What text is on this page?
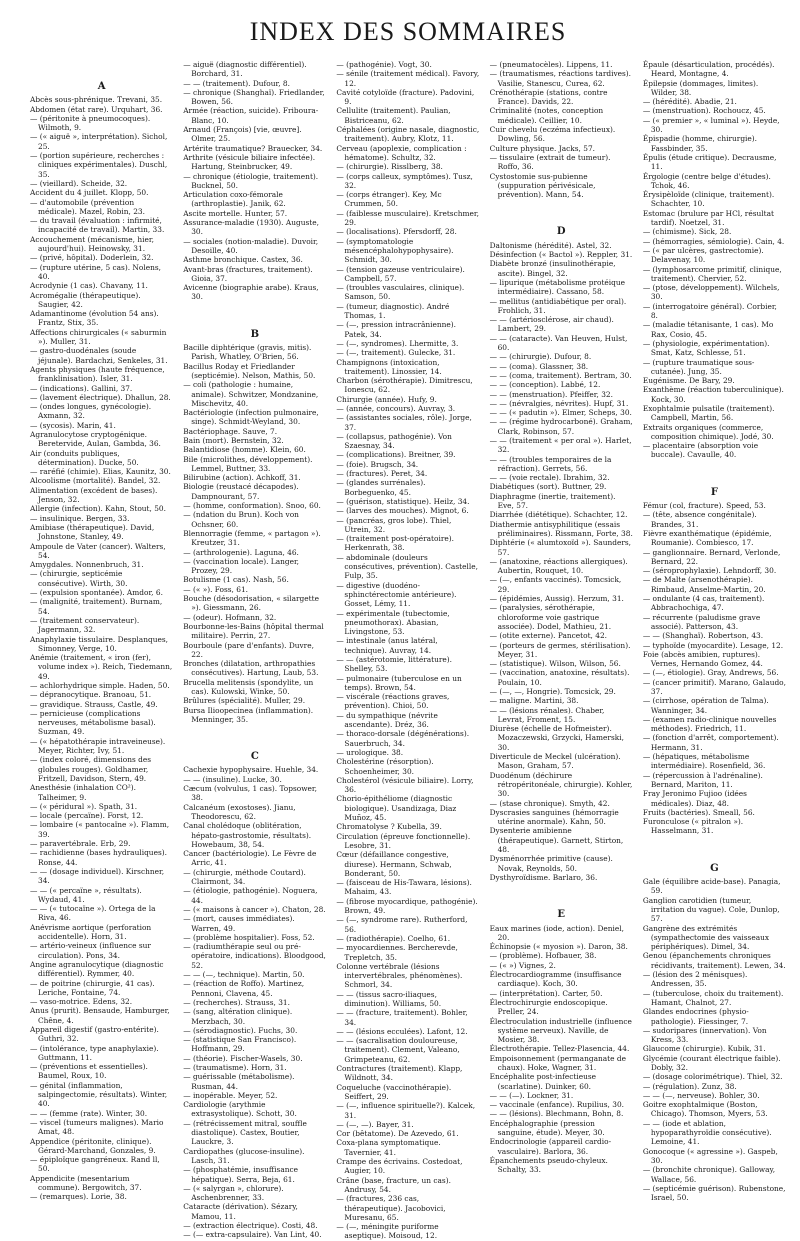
INDEX DES SOMMAIRES
A
Abcès sous-phrénique. Trevani, 35.
Abdomen (état rare). Urquhart, 36.
— (péritonite à pneumocoques). Wilmoth, 9.
— (« aiguë », interprétation). Sichol, 25.
— (portion supérieure, recherches : cliniques expérimentales). Duschl, 35.
— (vieillard). Scheide, 32.
Accident du 4 juillet. Klopp, 50.
— d'automobile (prévention médicale). Mazel, Robin, 23.
— du travail (évaluation : infirmité, incapacité de travail). Martin, 33.
Accouchement (mécanisme, hier, aujourd'hui). Heinowsky, 31.
— (privé, hôpital). Doderlein, 32.
— (rupture utérine, 5 cas). Nolens, 40.
Acrodynie (1 cas). Chavany, 11.
Acromégalie (thérapeutique). Saugier, 42.
Adamantinome (évolution 54 ans). Frantz, Stix, 35.
Affections chirurgicales (« saburmin »). Muller, 31.
— gastro-duodénales (soude jéjunale). Bardachzi, Senkeles, 31.
Agents physiques (haute fréquence, franklinisation). Isler, 31.
— (indications). Gallini, 37.
— (lavement électrique). Dhallun, 28.
— (ondes longues, gynécologie). Axmann, 32.
— (sycosis). Marin, 41.
Agranulocytose cryptogénique. Beretervide, Aulan, Gambda, 36.
Air (conduits publiques, détermination). Ducke, 50.
— raréfié (chimie). Elias, Kaunitz, 30.
Alcoolisme (mortalité). Bandel, 32.
Alimentation (excédent de bases). Jenson, 32.
Allergie (infection). Kahn, Stout, 50.
— insulinique. Bergen, 33.
Amibiase (thérapeutique). David, Johnstone, Stanley, 49.
Ampoule de Vater (cancer). Walters, 54.
Amygdales. Nonnenbruch, 31.
— (chirurgie, septicémie consécutive). Wirth, 30.
— (expulsion spontanée). Amdor, 6.
— (malignité, traitement). Burnam, 54.
— (traitement conservateur). Jagermann, 32.
Anaphylaxie tissulaire. Desplanques, Simonney, Verge, 10.
Anémie (traitement, « iron (fer), volume index »). Reich, Tiedemann, 49.
— achlorhydrique simple. Haden, 50.
— dépranocytique. Branoau, 51.
— gravidique. Strauss, Castle, 49.
— pernicieuse (complications nerveuses, métabolisme basal). Suzman, 49.
— (« hépatothérapie intraveineuse). Meyer, Richter, Ivy, 51.
— (index coloré, dimensions des globules rouges). Goldhamer, Fritzell, Davidson, Stern, 49.
Anesthésie (inhalation CO²). Talheimer, 9.
— (« péridural »). Spath, 31.
— locale (percaïne). Forst, 12.
— lombaire (« pantocaïne »). Flamm, 39.
— paravertébrale. Erb, 29.
— rachidienne (bases hydrauliques). Ronse, 44.
— — (dosage individuel). Kirschner, 34.
— — (« percaïne », résultats). Wydaud, 41.
— — (« tutocaïne »). Ortega de la Riva, 46.
Anévrisme aortique (perforation accidentelle). Horn, 31.
— artério-veineux (influence sur circulation). Pons, 34.
Angine agranulocytique (diagnostic différentiel). Rymmer, 40.
— de poitrine (chirurgie, 41 cas). Leriche, Fontaine, 74.
— vaso-motrice. Edens, 32.
Anus (prurit). Bensaude, Hamburger, Chêne, 4.
Appareil digestif (gastro-entérite). Guthri, 32.
— (intolérance, type anaphylaxie). Guttmann, 11.
— (préventions et essentielles). Baumel, Roux, 10.
— génital (inflammation, salpingectomie, résultats). Winter, 40.
— — (femme (rate). Winter, 30.
— viscel (tumeurs malignes). Mario Amat, 48.
Appendice (péritonite, clinique). Gérard-Marchand, Gonzales, 9.
— épiploïque gangréneux. Rand ll, 50.
Appendicite (mesentarium commune). Bergowitch, 37.
— (remarques). Lorie, 38.
— aiguë (diagnostic différentiel). Borchard, 31.
— — (traitement). Dufour, 8.
— chronique (Shanghaï). Friedlander, Bowen, 56.
Armée (réaction, suicide). Friboura-Blanc, 10.
Arnaud (François) [vie, œuvre]. Olmer, 25.
Artérite traumatique? Brauecker, 34.
Arthrite (vésicule biliaire infectée). Hartung, Steinbrucker, 49.
— chronique (étiologie, traitement). Bucknel, 50.
Articulation coxo-fémorale (arthroplastie). Janik, 62.
Ascite mortelle. Hunter, 57.
Assurance-maladie (1930). Auguste, 30.
— sociales (notion-maladie). Duvoir, Desoille, 40.
Asthme bronchique. Castex, 36.
Avant-bras (fractures, traitement). Gioia, 37.
Avicenne (biographie arabe). Kraus, 30.
B
Bacille diphtérique (gravis, mitis). Parish, Whatley, O'Brien, 56.
Bacillus Roday et Friedlander (septicémie). Nelson, Mathis, 50.
— coli (pathologie : humaine, animale). Schwitzer, Mondzanine, Mischevitz, 40.
Bactériologie (infection pulmonaire, singe). Schmidt-Weyland, 30.
Bactériophage. Sauve, 7.
Bain (mort). Bernstein, 32.
Balantidiose (homme). Klein, 60.
Bile (microlithes, développement). Lemmel, Buttner, 33.
Bilirubine (action). Achkoff, 31.
Biologie (reustacé décapodes). Dampnourant, 57.
— (homme, conformation). Snoo, 60.
— (ndation du Brun). Koch von Ochsner, 60.
Blennorragie (femme, « partagon »). Kreutzer, 31.
— (arthrologenie). Laguna, 46.
— (vaccination locale). Langer, Prozey, 29.
Botulisme (1 cas). Nash, 56.
— (« »). Foss, 61.
Bouche (désodorisation, « silargette »). Giessmann, 26.
— (odeur). Hofmann, 32.
Bourbonne-les-Bains (hôpital thermal militaire). Perrin, 27.
Bourboule (pare d'enfants). Duvre, 22.
Bronches (dilatation, arthropathies consécutives). Hartung, Laub, 53.
Brucella melitensis (spondylite, un cas). Kulowski, Winke, 50.
Brûlures (spécialité). Muller, 29.
Bursa Ilioopecinea (inflammation). Menninger, 35.
C
Cachexie hypophysaire. Huehle, 34.
— — (insuline). Lucke, 30.
Cæcum (volvulus, 1 cas). Topsower, 38.
Calcanéum (exostoses). Jianu, Theodorescu, 62.
Canal cholédoque (oblitération, hépato-gastrostomie, résultats). Howebaum, 38, 54.
Cancer (bactériologie). Le Fèvre de Arric, 41.
— (chirurgie, méthode Coutard). Clairmont, 34.
— (étiologie, pathogénie). Noguera, 44.
— (« maisons à cancer »). Chaton, 28.
— (mort, causes immédiates). Warren, 49.
— (problème hospitalier). Foss, 52.
— (radiumthérapie seul ou pré-opératoire, indications). Bloodgood, 52.
— — (—, technique). Martin, 50.
— (réaction de Roffo). Martinez, Pennoni, Clavena, 45.
— (recherches). Strauss, 31.
— (sang, altération clinique). Merzbach, 30.
— (sérodiagnostic). Fuchs, 30.
— (statistique San Francisco). Hoffmann, 29.
— (théorie). Fischer-Wasels, 30.
— (traumatisme). Horn, 31.
— guérissable (métabolisme). Rusman, 44.
— inopérable. Meyer, 52.
Cardiologie (arythmie extrasystolique). Schott, 30.
— (rétrécissement mitral, souffle diastolique). Castex, Boutier, Lauckre, 3.
Cardiopathes (glucose-insuline). Lasch, 31.
— (phosphatémie, insuffisance hépatique). Serra, Beja, 61.
— (« salyrgan », chlorure). Aschenbrenner, 33.
Cataracte (dérivation). Sézary, Mamou, 11.
— (extraction électrique). Costi, 48.
— (— extra-capsulaire). Van Lint, 40.
— (pathogénie). Vogt, 30.
— sénile (traitement médical). Favory, 12.
Cavité cotyloïde (fracture). Padovini, 9.
Cellulite (traitement). Paulian, Bistriceanu, 62.
Céphalées (origine nasale, diagnostic, traitement). Aubry, Klotz, 11.
Cerveau (apoplexie, complication : hématome). Schultz, 32.
— (chirurgie). Risslberg, 38.
— (corps calleux, symptômes). Tusz, 32.
— (corps étranger). Key, Mc Crummen, 50.
— (faiblesse musculaire). Kretschmer, 29.
— (localisations). Pfersdorff, 28.
— (symptomatologie mésencéphalohypophysaire). Schmidt, 30.
— (tension gazeuse ventriculaire). Campbell, 57.
— (troubles vasculaires, clinique). Samson, 50.
— (tumeur, diagnostic). André Thomas, 1.
— (—, pression intracrânienne). Patek, 34.
— (—, syndromes). Lhermitte, 3.
— (—, traitement). Gulecke, 31.
Champignons (intoxication, traitement). Linossier, 14.
Charbon (sérothérapie). Dimitrescu, Ionescu, 62.
Chirurgie (année). Hufy, 9.
— (année, concours). Auvray, 3.
— (assistantes sociales, rôle). Jorge, 37.
— (collapsus, pathogénie). Von Szaesnay, 34.
— (complications). Breitner, 39.
— (foie). Brugsch, 34.
— (fractures). Peret, 34.
— (glandes surrénales). Borbeguenko, 45.
— (guérison, statistique). Heilz, 34.
— (larves des mouches). Mignot, 6.
— (pancréas, gros lobe). Thiel, Utrein, 32.
— (traitement post-opératoire). Herkenrath, 38.
— abdominale (douleurs consécutives, prévention). Castelle, Fulp, 35.
— digestive (duodéno-sphinctérectomie antérieure). Gosset, Lémy, 11.
— expérimentale (tubectomie, pneumothorax). Abasian, Livingstone, 53.
— intestinale (anus latéral, technique). Auvray, 14.
— — (astérotomie, littérature). Shelley, 53.
— pulmonaire (tuberculose en un temps). Brown, 54.
— viscérale (réactions graves, prévention). Chioi, 50.
— du sympathique (névrite ascendante). Dréz, 36.
— thoraco-dorsale (dégénérations). Sauerbruch, 34.
— urologique. 38.
Cholestérine (résorption). Schoenheimer, 30.
Cholestérol (vésicule biliaire). Lorry, 36.
Chorio-épithéliome (diagnostic biologique). Usandizaga, Diaz Muñoz, 45.
Chromatolyse ? Kubella, 39.
Circulation (épreuve fonctionnelle). Lesobre, 31.
Cœur (défaillance congestive, diurese). Hermann, Schwab, Bonderant, 50.
— (faisceau de His-Tawara, lésions). Mahaim, 43.
— (fibrose myocardique, pathogénie). Brown, 49.
— (—, syndrome rare). Rutherford, 56.
— (radiothérapie). Coelho, 61.
— myocardiennes. Bercherevde, Trepletch, 35.
Colonne vertébrale (lésions intervertébrales, phénomènes). Schmorl, 34.
— — (tissus sacro-iliaques, diminution). Williams, 50.
— — (fracture, traitement). Bohler, 34.
— — (lésions ecculées). Lafont, 12.
— — (sacralisation douloureuse, traitement). Clement, Valeano, Grimpeteanu, 62.
Contractures (traitement). Klapp, Wildnott, 34.
Coqueluche (vaccinothérapie). Seiffert, 29.
— (—, influence spirituelle?). Kalcek, 31.
— (—, —). Bayer, 31.
Cor (bêtatome). De Azevedo, 61.
Coxa-plana symptomatique. Tavernier, 41.
Crampe des écrivains. Costedoat, Augier, 10.
Crâne (base, fracture, un cas). Andrusy, 54.
— (fractures, 236 cas, thérapeutique). Jacobovici, Muresanu, 65.
— (—, méningite puriforme aseptique). Moisoud, 12.
— (pneumatocèles). Lippens, 11.
— (traumatismes, réactions tardives). Vasilie, Stanescu, Curea, 62.
Crénothérapie (stations, contre France). Davids, 22.
Criminalité (notes, conception médicale). Ceillier, 10.
Cuir chevelu (eczéma infectieux). Dowling, 56.
Culture physique. Jacks, 57.
— tissulaire (extrait de tumeur). Roffo, 36.
Cystostomie sus-pubienne (suppuration périvésicale, prévention). Mann, 54.
D
Daltonisme (hérédité). Astel, 32.
Désinfection (« Bactol »). Reppler, 31.
Diabète bronzé (insulinothérapie, ascite). Bingel, 32.
— lipurique (métabolisme protéique intermédiaire). Cassano, 58.
— mellitus (antidiabétique per oral). Frohlich, 31.
— — (artériosclérose, air chaud). Lambert, 29.
— — (cataracte). Van Heuven, Hulst, 60.
— — (chirurgie). Dufour, 8.
— — (coma). Glassner, 38.
— — (coma, traitement). Bertram, 30.
— — (conception). Labbé, 12.
— — (menstruation). Pfeiffer, 32.
— — (névralgies, névrites). Hupf, 31.
— — (« padutin »). Elmer, Scheps, 30.
— — (régime hydrocarboné). Graham, Clark, Robinson, 57.
— — (traitement « per oral »). Harlet, 32.
— — (troubles temporaires de la réfraction). Gerrets, 56.
— — (voie rectale). Ibrahim, 32.
Diabétiques (sort). Buttner, 29.
Diaphragme (inertie, traitement). Eve, 57.
Diarrhée (diététique). Schachter, 12.
Diathermie antisyphilitique (essais préliminaires). Rissmann, Forte, 38.
Diphtérie (« alumtoxoïd »). Saunders, 57.
— (anatoxine, réactions allergiques). Aubertin, Rouquet, 10.
— (—, enfants vaccinés). Tomcsick, 29.
— (épidémies, Aussig). Herzum, 31.
— (paralysies, sérothérapie, chloroforme voie gastrique associée). Dodel, Mathieu, 21.
— (otite externe). Pancetot, 42.
— (porteurs de germes, stérilisation). Meyer, 31.
— (statistique). Wilson, Wilson, 56.
— (vaccination, anatoxine, résultats). Poulain, 10.
— (—, —, Hongrie). Tomcsick, 29.
— maligne. Martini, 38.
— — (lésions rénales). Chaber, Levrat, Froment, 15.
Diurèse (échelle de Hofmeister). Mozaczewski, Grzycki, Hamerski, 30.
Diverticule de Meckel (ulcération). Mason, Graham, 57.
Duodénum (déchirure rétropéritonéale, chirurgie). Kohler, 30.
— (stase chronique). Smyth, 42.
Dyscrasies sanguines (hémorragie utérine anormale). Kahn, 50.
Dysenterie amibienne (thérapeutique). Garnett, Stirton, 48.
Dysménorrhée primitive (cause). Novak, Reynolds, 50.
Dysthyroïdisme. Barlaro, 36.
E
Eaux marines (iode, action). Deniel, 20.
Échinopsie (« myosion »). Daron, 38.
— (problème). Hofbauer, 38.
— (« ») Vignes, 2.
Électrocardiogramme (insuffisance cardiaque). Koch, 30.
— (interprétation). Carter, 50.
Électrochirurgie endoscopique. Preller, 24.
Électroculation industrielle (influence système nerveux). Naville, de Mosier, 38.
Électrothérapie. Tellez-Plasencia, 44.
Empoisonnement (permanganate de chaux). Hoke, Wagner, 31.
Encéphalite post-infectieuse (scarlatine). Duinker, 60.
— — (—). Lockner, 31.
— vaccinale (enfance). Rupilius, 30.
— — (lésions). Blechmann, Bohn, 8.
Encéphalographie (pression sanguine, étude). Meyer, 30.
Endocrinologie (appareil cardio-vasculaire). Barlora, 36.
Épanchements pseudo-chyleux. Schalty, 33.
Épaule (désarticulation, procédés). Heard, Montagne, 4.
Épilepsie (dommages, limites). Wilder, 38.
— (hérédité). Abadie, 21.
— (menstruation). Rochoucz, 45.
— (« premier », « luminal »). Heyde, 30.
Épispadie (homme, chirurgie). Fassbinder, 35.
Épulis (étude critique). Decrausme, 11.
Érgologie (centre belge d'études). Tchok, 46.
Érysipèloïde (clinique, traitement). Schachter, 10.
Estomac (brulure par HCl, résultat tardif). Noetzel, 31.
— (chimisme). Sick, 28.
— (hémorragies, sémiologie). Cain, 4.
— (« par ulcères, gastrectomie). Delavenay, 10.
— (lymphosarcome primitif, clinique, traitement). Chervier, 52.
— (ptose, développement). Wilchels, 30.
— (interrogatoire général). Corbier, 8.
— (maladie tétanisante, 1 cas). Mo Rax, Cosio, 45.
— (physiologie, expérimentation). Smat, Katz, Schlesse, 51.
— (rupture traumatique sous-cutanée). Jung, 35.
Eugénisme. De Bary, 29.
Exanthème (réaction tuberculinique). Kock, 30.
Exophtalmie pulsatile (traitement). Campbell, Martin, 56.
Extraits organiques (commerce, composition chimique). Jodé, 30.
— placentaire (absorption voie buccale). Cavaulle, 40.
F
Fémur (col, fracture). Speed, 53.
— (tête, absence congénitale). Brandes, 31.
Fièvre exanthématique (épidémie, Roumanie). Combiesco, 17.
— ganglionnaire. Bernard, Verlonde, Bernard, 22.
— (séroprophylaxie). Lehndorff, 30.
— de Malte (arsenothérapie). Rimbaud, Anselme-Martin, 20.
— ondulante (4 cas, traitement). Abbrachochiga, 47.
— récurrente (paludisme grave associé). Patterson, 43.
— — (Shanghaï). Robertson, 43.
— typhoïde (myocardite). Lesage, 12.
Foie (abcès amibien, ruptures). Vernes, Hernando Gomez, 44.
— (—, étiologie). Gray, Andrews, 56.
— (cancer primitif). Marano, Galaudo, 37.
— (cirrhose, opération de Talma). Wanninger, 34.
— (examen radio-clinique nouvelles méthodes). Friedrich, 11.
— (fonction d'arrêt, comportement). Hermann, 31.
— (hépatiques, métabolisme intermédiaire). Rosenfield, 36.
— (répercussion à l'adrénaline). Bernard, Mariton, 11.
Fray Jeronimo Fujioo (idées médicales). Diaz, 48.
Fruits (bactéries). Smeall, 56.
Furonculose (« pitralon »). Hasselmann, 31.
G
Gale (équilibre acide-base). Panagia, 59.
Ganglion carotidien (tumeur, irritation du vague). Cole, Dunlop, 57.
Gangrène des extrémités (sympathectomie des vaisseaux périphériques). Dimel, 34.
Genou (épanchements chroniques récidivants, traitement). Lewen, 34.
— (lésion des 2 ménisques). Andressen, 35.
— (tuberculose, choix du traitement). Hamant, Chalnot, 27.
Glandes endocrines (physio-pathologie). Fiessinger, 7.
— sudoripares (innervation). Von Kress, 33.
Glaucome (chirurgie). Kubik, 31.
Glycémie (courant électrique faible). Dobly, 32.
— (dosage colorimétrique). Thiel, 32.
— (régulation). Zunz, 38.
— — (—, nerveuse). Bohler, 30.
Goitre exophtalmique (Boston, Chicago). Thomson, Myers, 53.
— — (iode et ablation, hypoparathyroïdie consécutive). Lemoine, 41.
Gonocoque (« agressine »). Gaspeb, 30.
— (bronchite chronique). Galloway, Wallace, 56.
— (septicémie guérison). Rubenstone, Israel, 50.
